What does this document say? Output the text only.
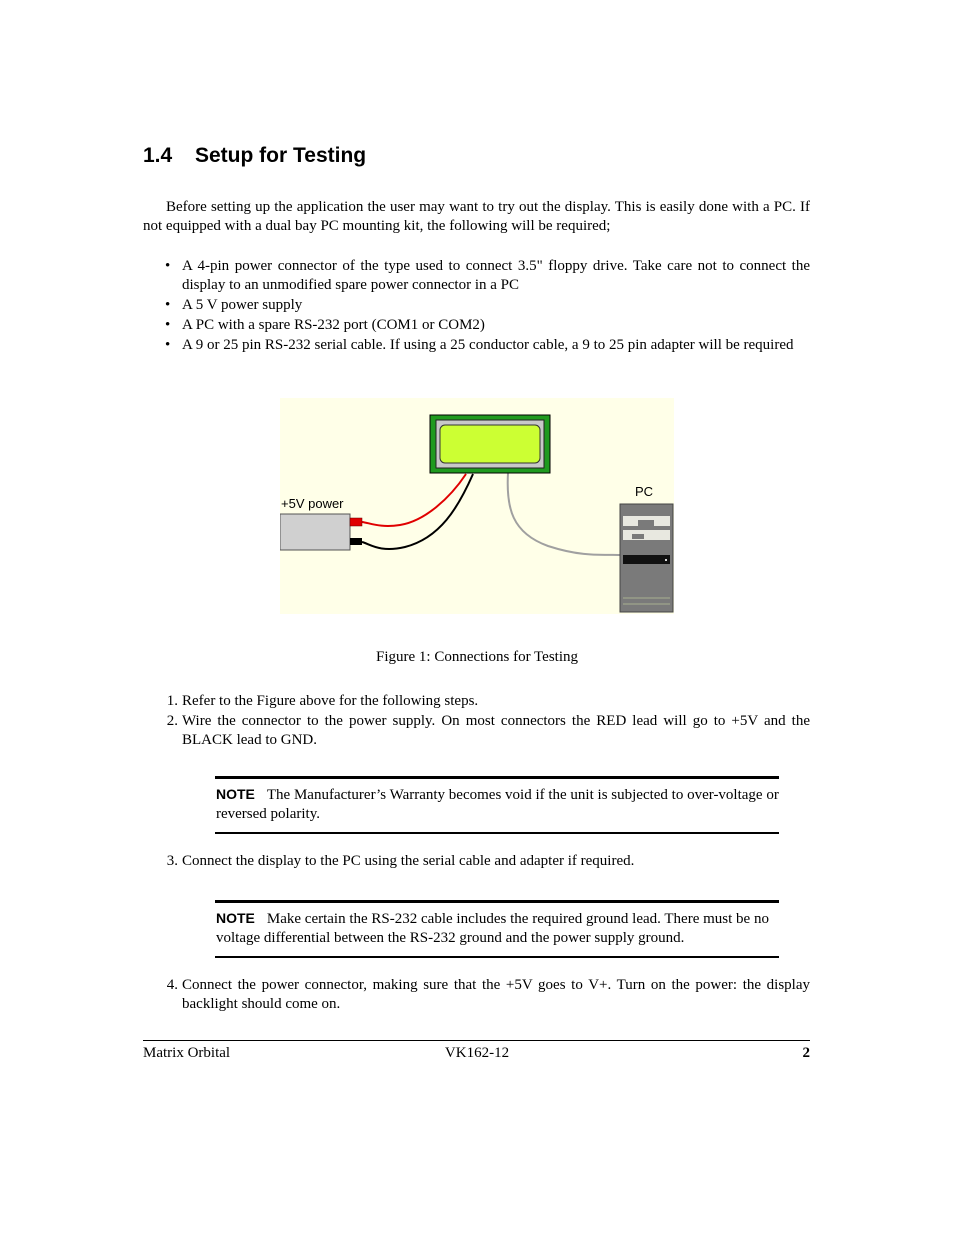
1.4 Setup for Testing

Before setting up the application the user may want to try out the display. This is easily done with a PC. If not equipped with a dual bay PC mounting kit, the following will be required;

• A 4-pin power connector of the type used to connect 3.5" floppy drive. Take care not to connect the display to an unmodified spare power connector in a PC
• A 5 V power supply
• A PC with a spare RS-232 port (COM1 or COM2)
• A 9 or 25 pin RS-232 serial cable. If using a 25 conductor cable, a 9 to 25 pin adapter will be required
+5V power
PC
Figure 1: Connections for Testing
1. Refer to the Figure above for the following steps.
2. Wire the connector to the power supply. On most connectors the RED lead will go to +5V and the BLACK lead to GND.
NOTE The Manufacturer’s Warranty becomes void if the unit is subjected to over-voltage or reversed polarity.
3. Connect the display to the PC using the serial cable and adapter if required.
NOTE Make certain the RS-232 cable includes the required ground lead. There must be no voltage differential between the RS-232 ground and the power supply ground.
4. Connect the power connector, making sure that the +5V goes to V+. Turn on the power: the display backlight should come on.
Matrix Orbital	VK162-12	2
